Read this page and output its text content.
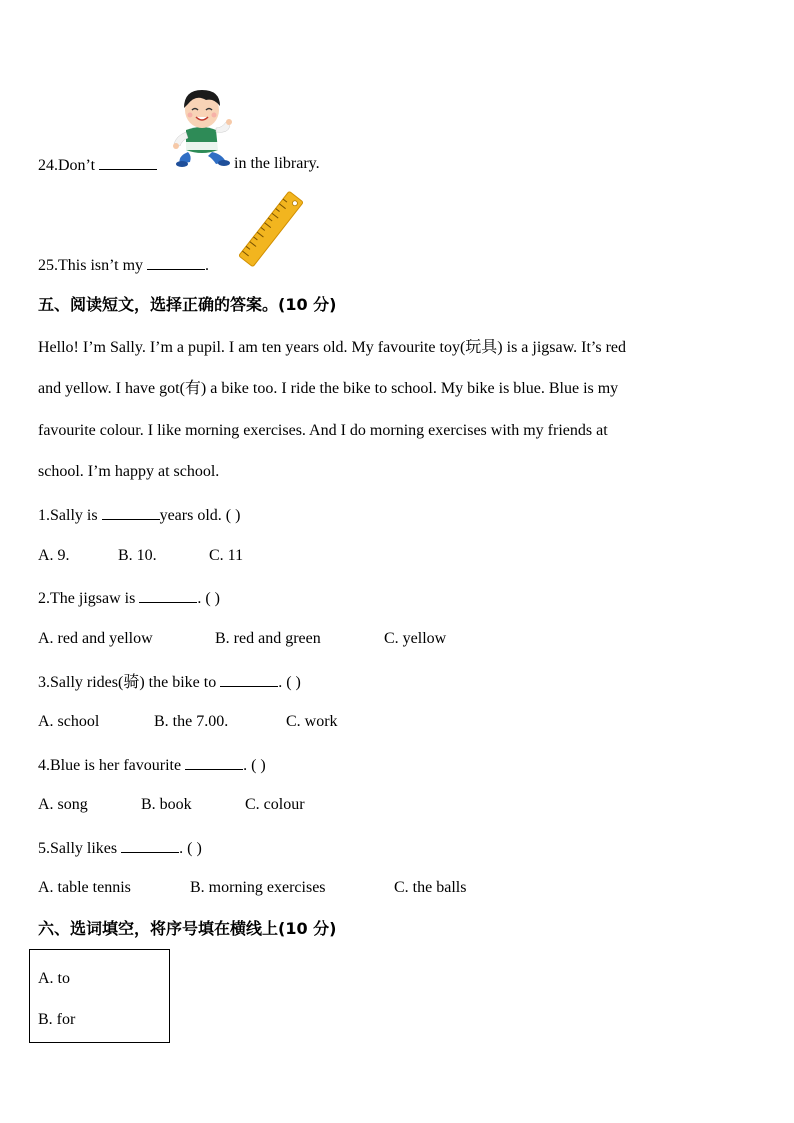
24.Don’t	in the library.
25.This isn’t my	.
五、阅读短文，选择正确的答案。(10 分)
Hello! I’m Sally. I’m a pupil. I am ten years old. My favourite toy(玩具) is a jigsaw. It’s red
and yellow. I have got(有) a bike too. I ride the bike to school. My bike is blue. Blue is my
favourite colour. I like morning exercises. And I do morning exercises with my friends at
school. I’m happy at school.
1.Sally is	years old. ( )
A. 9.	B. 10.	C. 11
2.The jigsaw is	. ( )
A. red and yellow	B. red and green	C. yellow
3.Sally rides(骑) the bike to	. ( )
A. school	B. the 7.00.	C. work
4.Blue is her favourite	. ( )
A. song	B. book	C. colour
5.Sally likes	. ( )
A. table tennis	B. morning exercises	C. the balls
六、选词填空，将序号填在横线上(10 分)
A. to
B. for
